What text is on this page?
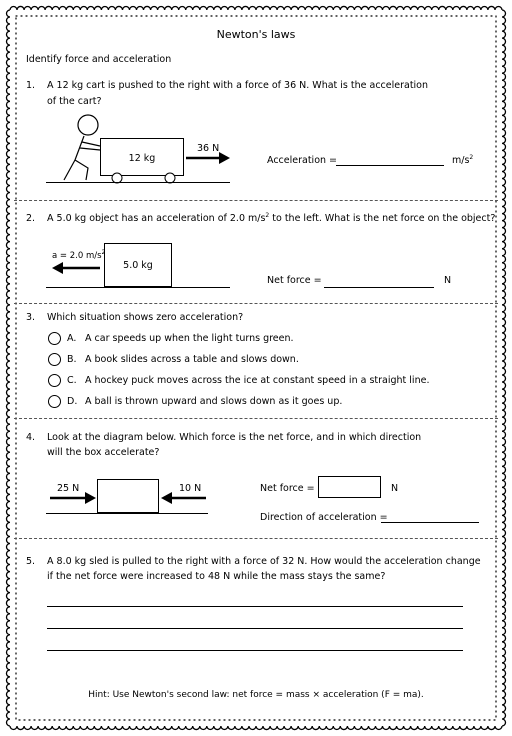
Newton's laws
Identify force and acceleration
1. A 12 kg cart is pushed to the right with a force of 36 N. What is the acceleration
of the cart?
12 kg
36 N
Acceleration =	$m/s^2$
2. A 5.0 kg object has an acceleration of 2.0 $m/s^2$ to the left. What is the net force on the object?
a = 2.0 $m/s^2$
5.0 kg
Net force =	N
3. Which situation shows zero acceleration?
A. A car speeds up when the light turns green.
B. A book slides across a table and slows down.
C. A hockey puck moves across the ice at constant speed in a straight line.
D. A ball is thrown upward and slows down as it goes up.
4. Look at the diagram below. Which force is the net force, and in which direction
will the box accelerate?
25 N	10 N	Net force =	N
Direction of acceleration =
5. A 8.0 kg sled is pulled to the right with a force of 32 N. How would the acceleration change
if the net force were increased to 48 N while the mass stays the same?
Hint: Use Newton's second law: net force = mass × acceleration (F = ma).
